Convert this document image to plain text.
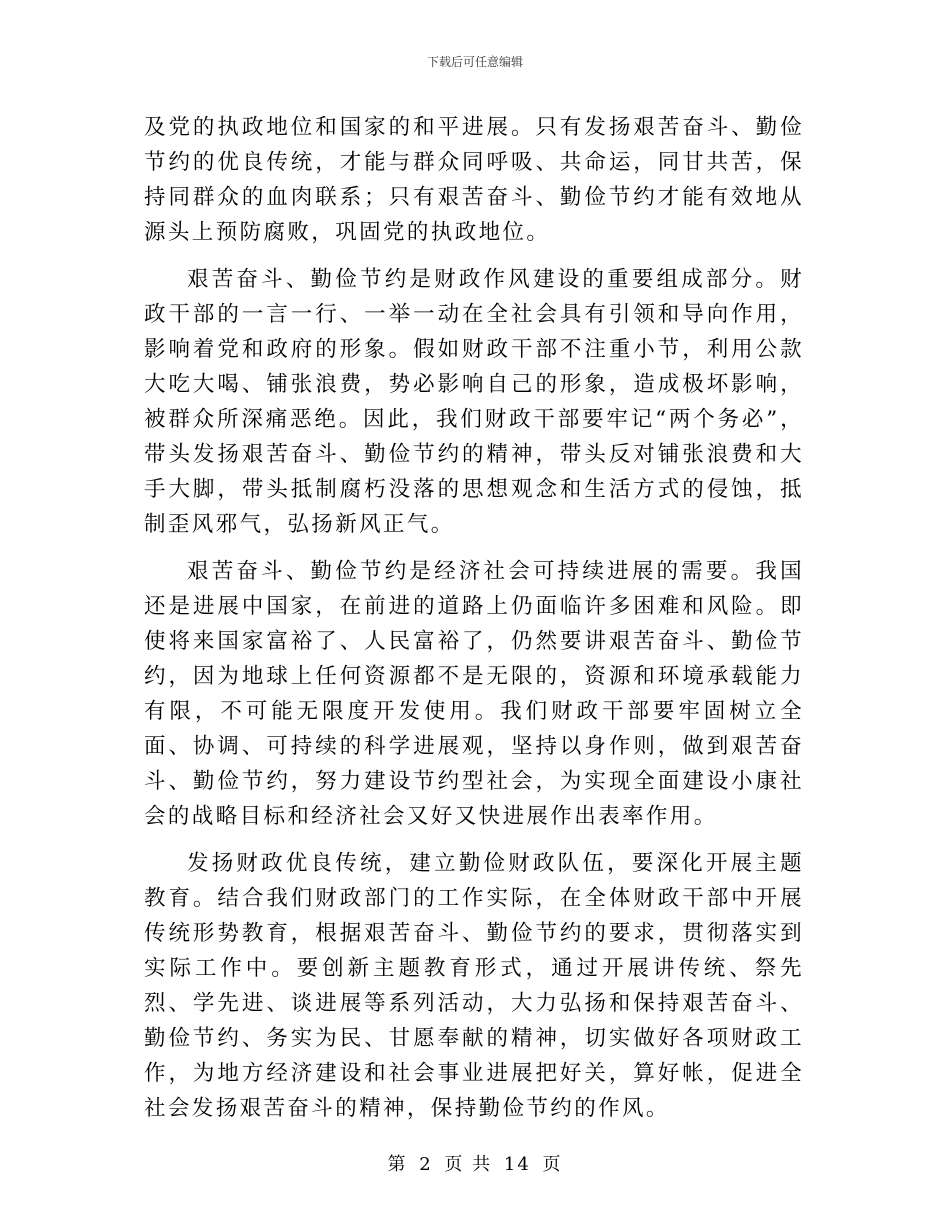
下载后可任意编辑

及党的执政地位和国家的和平进展。只有发扬艰苦奋斗、勤俭节约的优良传统，才能与群众同呼吸、共命运，同甘共苦，保持同群众的血肉联系；只有艰苦奋斗、勤俭节约才能有效地从源头上预防腐败，巩固党的执政地位。

艰苦奋斗、勤俭节约是财政作风建设的重要组成部分。财政干部的一言一行、一举一动在全社会具有引领和导向作用，影响着党和政府的形象。假如财政干部不注重小节，利用公款大吃大喝、铺张浪费，势必影响自己的形象，造成极坏影响，被群众所深痛恶绝。因此，我们财政干部要牢记“两个务必”，带头发扬艰苦奋斗、勤俭节约的精神，带头反对铺张浪费和大手大脚，带头抵制腐朽没落的思想观念和生活方式的侵蚀，抵制歪风邪气，弘扬新风正气。

艰苦奋斗、勤俭节约是经济社会可持续进展的需要。我国还是进展中国家，在前进的道路上仍面临许多困难和风险。即使将来国家富裕了、人民富裕了，仍然要讲艰苦奋斗、勤俭节约，因为地球上任何资源都不是无限的，资源和环境承载能力有限，不可能无限度开发使用。我们财政干部要牢固树立全面、协调、可持续的科学进展观，坚持以身作则，做到艰苦奋斗、勤俭节约，努力建设节约型社会，为实现全面建设小康社会的战略目标和经济社会又好又快进展作出表率作用。

发扬财政优良传统，建立勤俭财政队伍，要深化开展主题教育。结合我们财政部门的工作实际，在全体财政干部中开展传统形势教育，根据艰苦奋斗、勤俭节约的要求，贯彻落实到实际工作中。要创新主题教育形式，通过开展讲传统、祭先烈、学先进、谈进展等系列活动，大力弘扬和保持艰苦奋斗、勤俭节约、务实为民、甘愿奉献的精神，切实做好各项财政工作，为地方经济建设和社会事业进展把好关，算好帐，促进全社会发扬艰苦奋斗的精神，保持勤俭节约的作风。

第 2 页 共 14 页
